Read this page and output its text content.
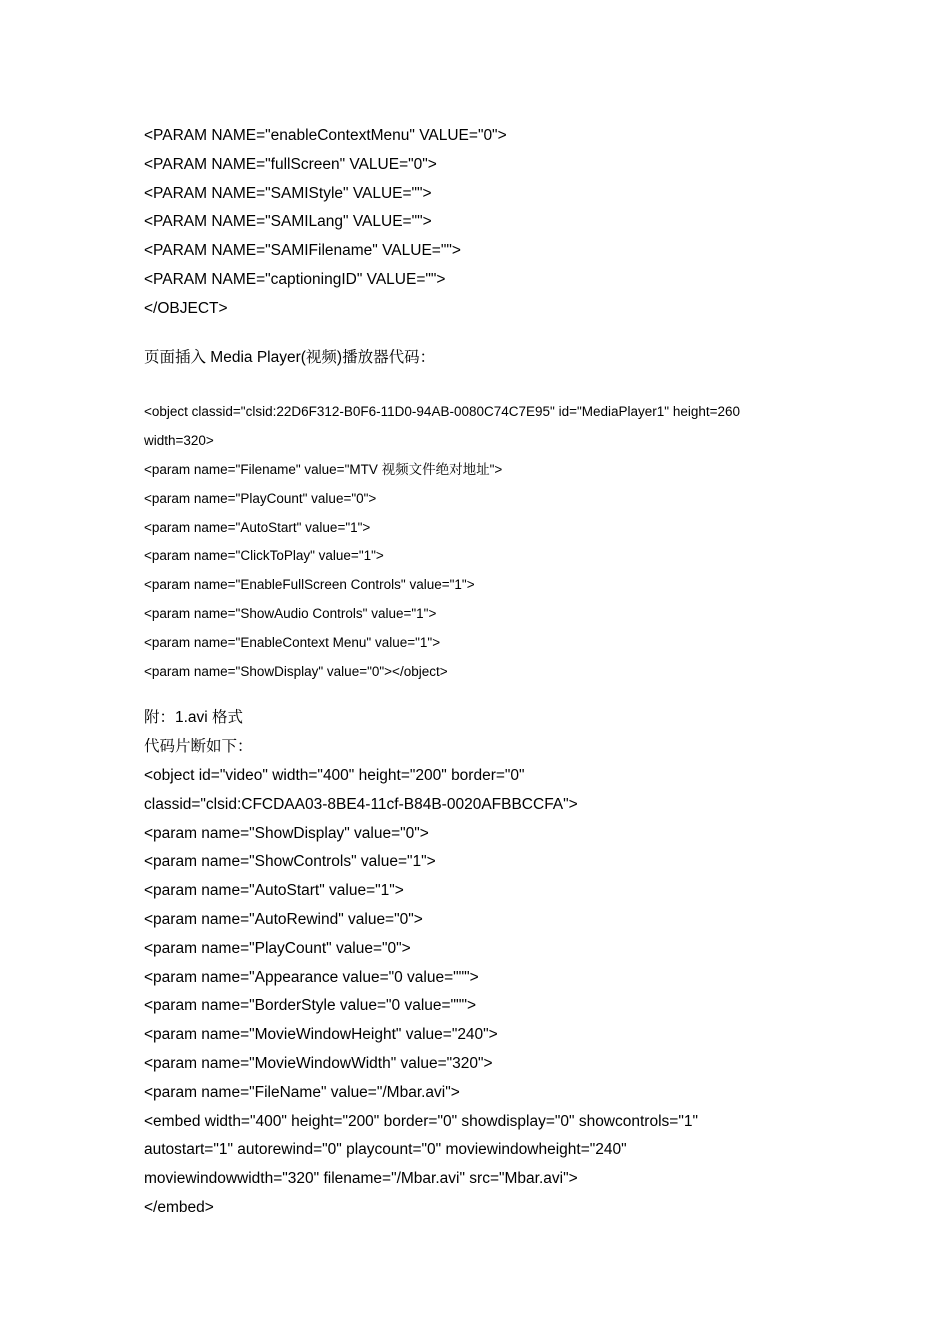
<PARAM NAME="enableContextMenu" VALUE="0">
<PARAM NAME="fullScreen" VALUE="0">
<PARAM NAME="SAMIStyle" VALUE="">
<PARAM NAME="SAMILang" VALUE="">
<PARAM NAME="SAMIFilename" VALUE="">
<PARAM NAME="captioningID" VALUE="">
</OBJECT>
页面插入 Media Player(视频)播放器代码：
<object classid="clsid:22D6F312-B0F6-11D0-94AB-0080C74C7E95" id="MediaPlayer1" height=260
width=320>
<param name="Filename" value="MTV 视频文件绝对地址">
<param name="PlayCount" value="0">
<param name="AutoStart" value="1">
<param name="ClickToPlay" value="1">
<param name="EnableFullScreen Controls" value="1">
<param name="ShowAudio Controls" value="1">
<param name="EnableContext Menu" value="1">
<param name="ShowDisplay" value="0"></object>
附：1.avi 格式
代码片断如下：
<object id="video" width="400" height="200" border="0"
classid="clsid:CFCDAA03-8BE4-11cf-B84B-0020AFBBCCFA">
<param name="ShowDisplay" value="0">
<param name="ShowControls" value="1">
<param name="AutoStart" value="1">
<param name="AutoRewind" value="0">
<param name="PlayCount" value="0">
<param name="Appearance value="0 value=""">
<param name="BorderStyle value="0 value=""">
<param name="MovieWindowHeight" value="240">
<param name="MovieWindowWidth" value="320">
<param name="FileName" value="/Mbar.avi">
<embed width="400" height="200" border="0" showdisplay="0" showcontrols="1"
autostart="1" autorewind="0" playcount="0" moviewindowheight="240"
moviewindowwidth="320" filename="/Mbar.avi" src="Mbar.avi">
</embed>
